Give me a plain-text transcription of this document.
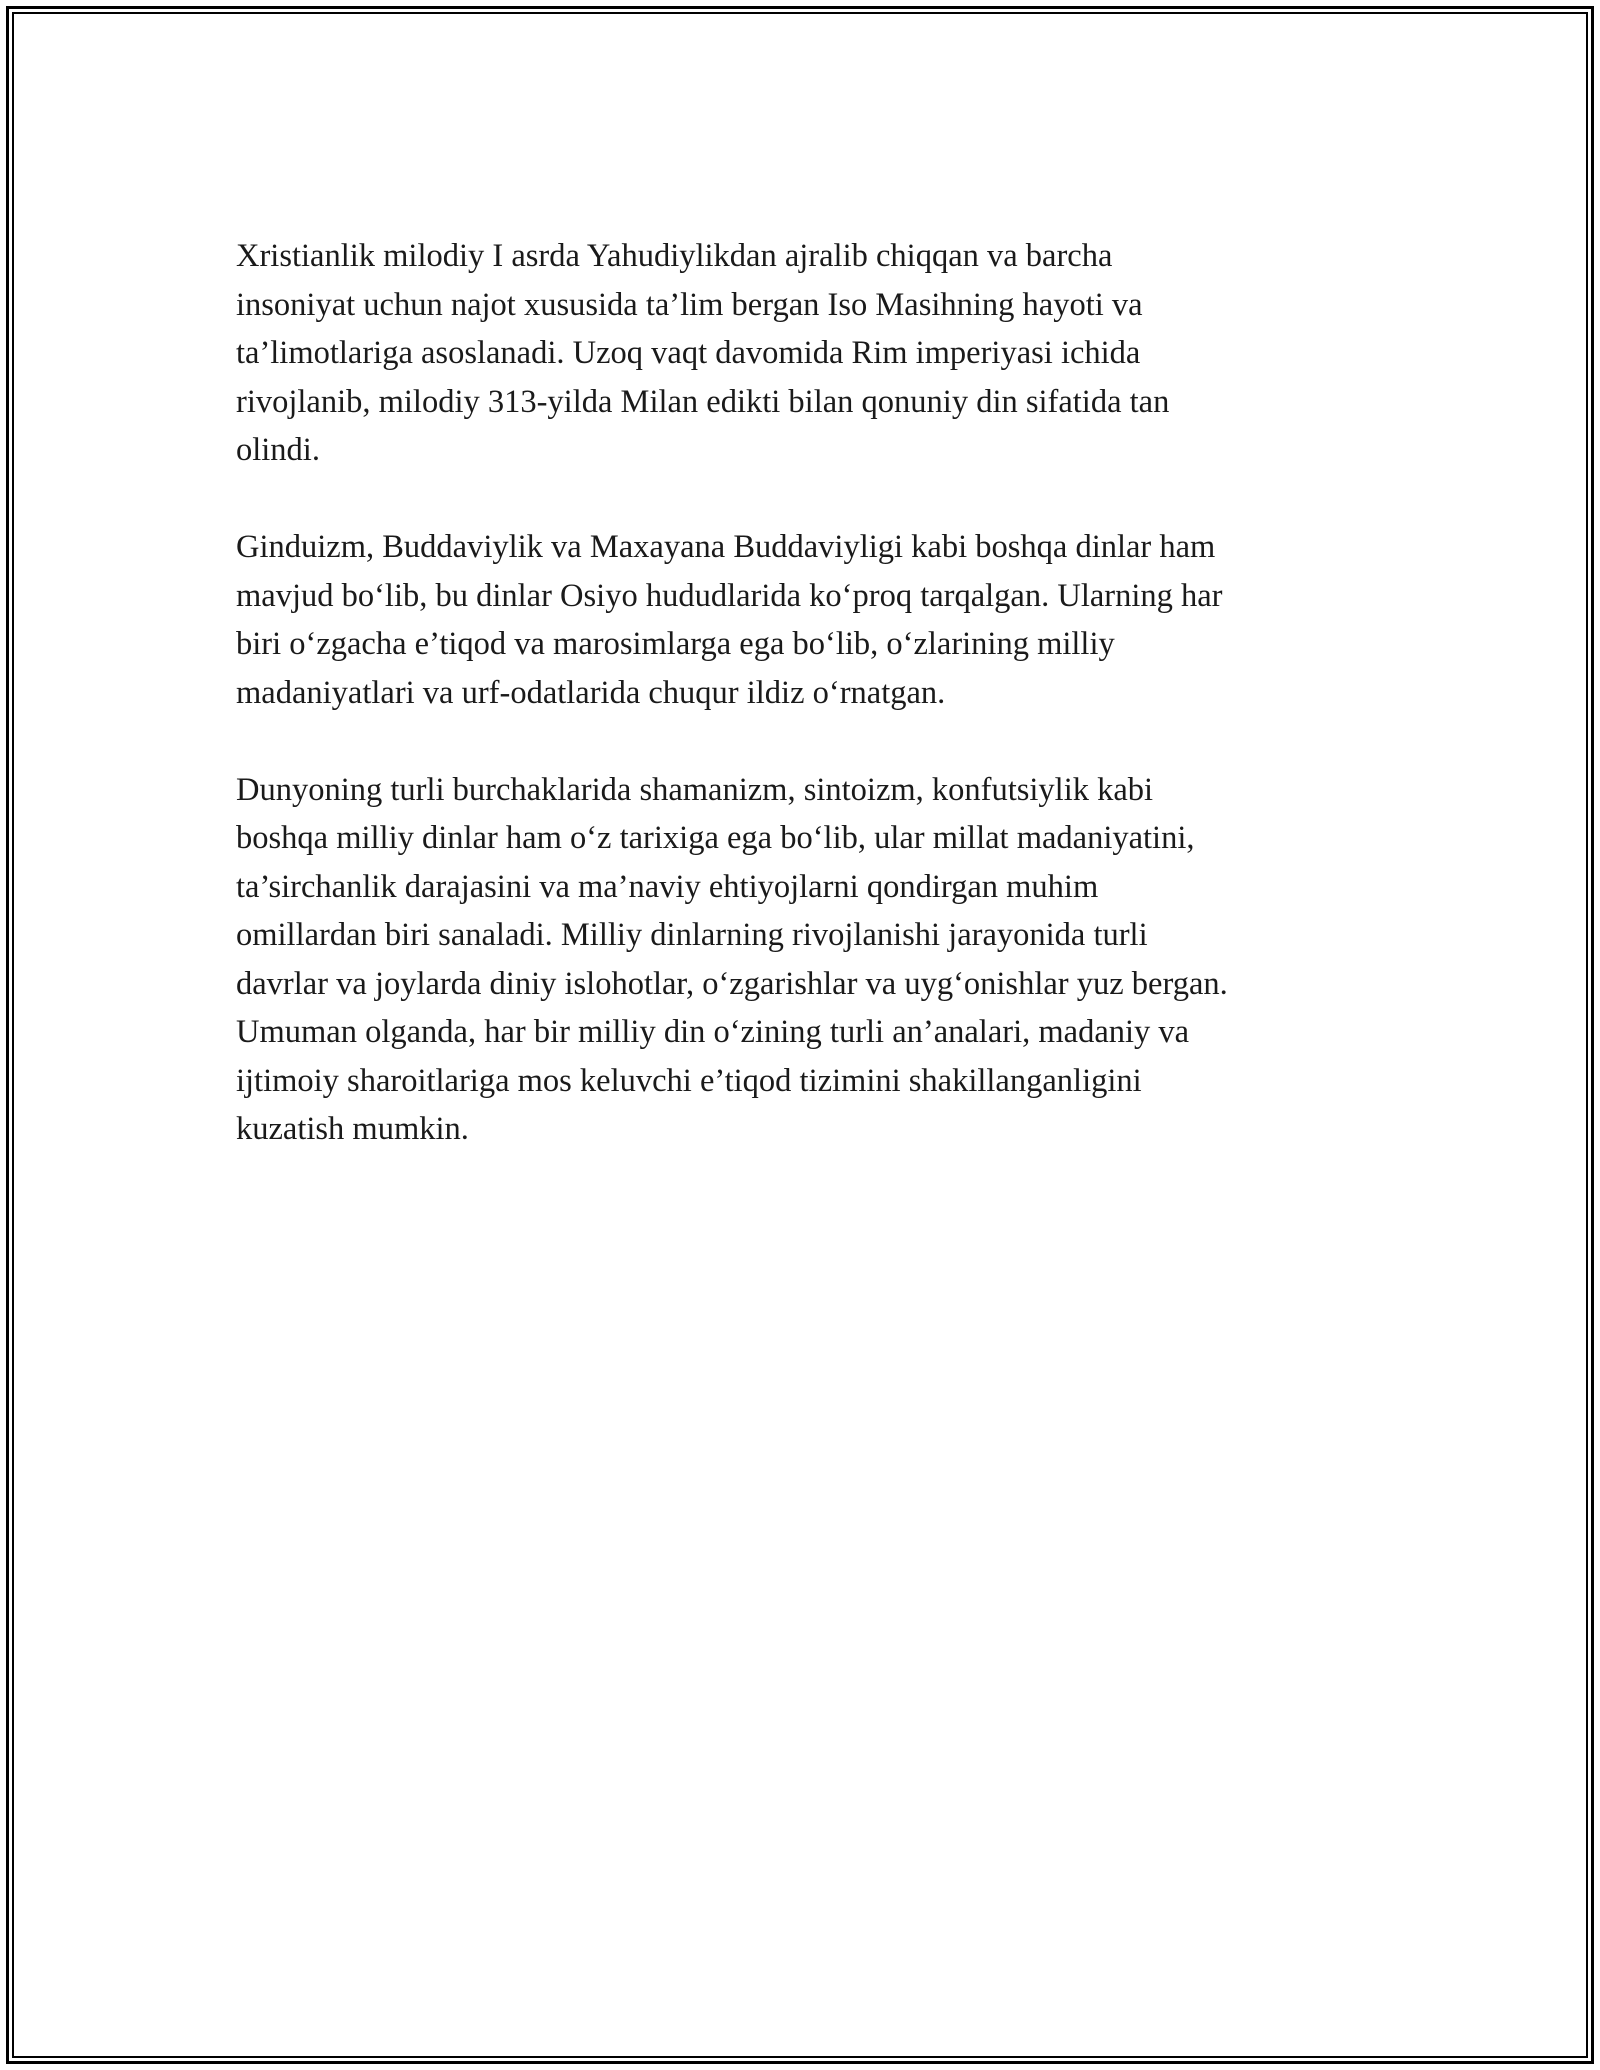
Xristianlik milodiy I asrda Yahudiylikdan ajralib chiqqan va barcha
insoniyat uchun najot xususida ta’lim bergan Iso Masihning hayoti va
ta’limotlariga asoslanadi. Uzoq vaqt davomida Rim imperiyasi ichida
rivojlanib, milodiy 313-yilda Milan edikti bilan qonuniy din sifatida tan
olindi.

Ginduizm, Buddaviylik va Maxayana Buddaviyligi kabi boshqa dinlar ham
mavjud bo‘lib, bu dinlar Osiyo hududlarida ko‘proq tarqalgan. Ularning har
biri o‘zgacha e’tiqod va marosimlarga ega bo‘lib, o‘zlarining milliy
madaniyatlari va urf-odatlarida chuqur ildiz o‘rnatgan.

Dunyoning turli burchaklarida shamanizm, sintoizm, konfutsiylik kabi
boshqa milliy dinlar ham o‘z tarixiga ega bo‘lib, ular millat madaniyatini,
ta’sirchanlik darajasini va ma’naviy ehtiyojlarni qondirgan muhim
omillardan biri sanaladi. Milliy dinlarning rivojlanishi jarayonida turli
davrlar va joylarda diniy islohotlar, o‘zgarishlar va uyg‘onishlar yuz bergan.
Umuman olganda, har bir milliy din o‘zining turli an’analari, madaniy va
ijtimoiy sharoitlariga mos keluvchi e’tiqod tizimini shakillanganligini
kuzatish mumkin.
